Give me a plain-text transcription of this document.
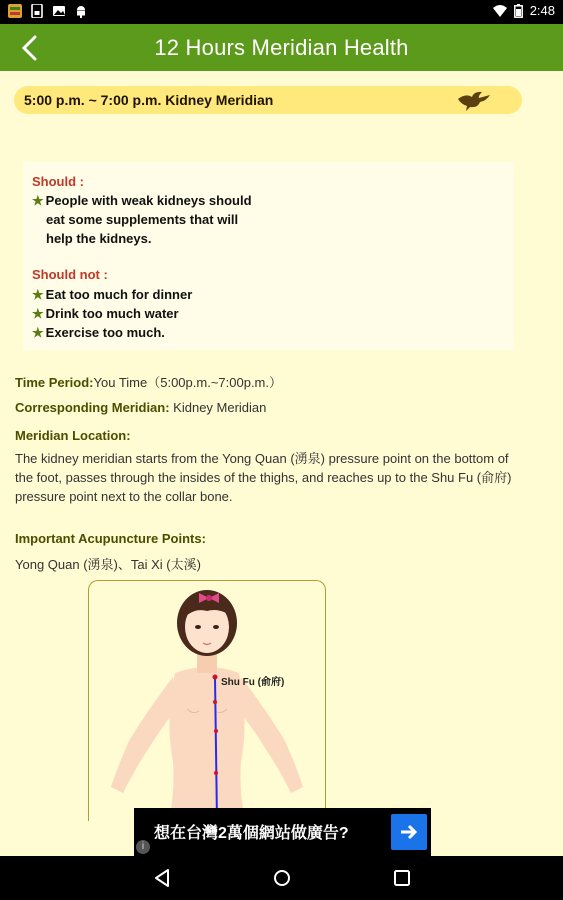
2:48
12 Hours Meridian Health
5:00 p.m. ~ 7:00 p.m. Kidney Meridian
Should :
★ People with weak kidneys should
eat some supplements that will
help the kidneys.
Should not :
★ Eat too much for dinner
★ Drink too much water
★ Exercise too much.
Time Period:You Time（5:00p.m.~7:00p.m.）
Corresponding Meridian: Kidney Meridian
Meridian Location:
The kidney meridian starts from the Yong Quan (湧泉) pressure point on the bottom of the foot, passes through the insides of the thighs, and reaches up to the Shu Fu (俞府) pressure point next to the collar bone.
Important Acupuncture Points:
Yong Quan (湧泉)、Tai Xi (太溪)
Shu Fu (俞府)
想在台灣2萬個網站做廣告?
i
